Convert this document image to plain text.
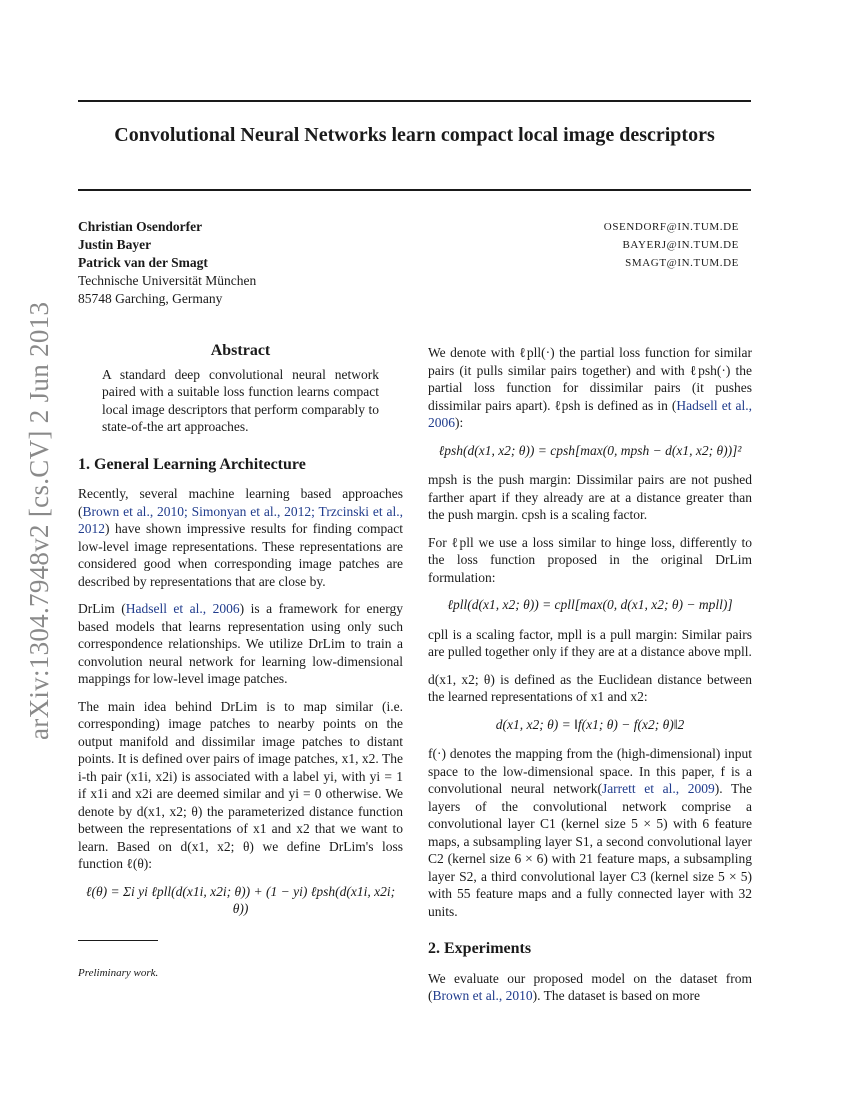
Convolutional Neural Networks learn compact local image descriptors
Christian Osendorfer	OSENDORF@IN.TUM.DE
Justin Bayer	BAYERJ@IN.TUM.DE
Patrick van der Smagt	SMAGT@IN.TUM.DE
Technische Universität München
85748 Garching, Germany
arXiv:1304.7948v2 [cs.CV] 2 Jun 2013	Abstract
A standard deep convolutional neural network paired with a suitable loss function learns compact local image descriptors that perform comparably to state-of-the art approaches.
1. General Learning Architecture

Recently, several machine learning based approaches (Brown et al., 2010; Simonyan et al., 2012; Trzcinski et al., 2012) have shown impressive results for finding compact low-level image representations. These representations are considered good when corresponding image patches are described by representations that are close by.

DrLim (Hadsell et al., 2006) is a framework for energy based models that learns representation using only such correspondence relationships. We utilize DrLim to train a convolution neural network for learning low-dimensional mappings for low-level image patches.

The main idea behind DrLim is to map similar (i.e. corresponding) image patches to nearby points on the output manifold and dissimilar image patches to distant points. It is defined over pairs of image patches, x1, x2. The i-th pair (x1i, x2i) is associated with a label yi, with yi = 1 if x1i and x2i are deemed similar and yi = 0 otherwise. We denote by d(x1, x2; θ) the parameterized distance function between the representations of x1 and x2 that we want to learn. Based on d(x1, x2; θ) we define DrLim's loss function ℓ(θ):

ℓ(θ) = Σi yi ℓpll(d(x1i, x2i; θ)) + (1 − yi) ℓpsh(d(x1i, x2i; θ))
Preliminary work.

We denote with ℓpll(·) the partial loss function for similar pairs (it pulls similar pairs together) and with ℓpsh(·) the partial loss function for dissimilar pairs (it pushes dissimilar pairs apart). ℓpsh is defined as in (Hadsell et al., 2006):

ℓpsh(d(x1, x2; θ)) = cpsh[max(0, mpsh − d(x1, x2; θ))]²

mpsh is the push margin: Dissimilar pairs are not pushed farther apart if they already are at a distance greater than the push margin. cpsh is a scaling factor.

For ℓpll we use a loss similar to hinge loss, differently to the loss function proposed in the original DrLim formulation:

ℓpll(d(x1, x2; θ)) = cpll[max(0, d(x1, x2; θ) − mpll)]

cpll is a scaling factor, mpll is a pull margin: Similar pairs are pulled together only if they are at a distance above mpll.

d(x1, x2; θ) is defined as the Euclidean distance between the learned representations of x1 and x2:

d(x1, x2; θ) = ‖f(x1; θ) − f(x2; θ)‖2

f(·) denotes the mapping from the (high-dimensional) input space to the low-dimensional space. In this paper, f is a convolutional neural network(Jarrett et al., 2009). The layers of the convolutional network comprise a convolutional layer C1 (kernel size 5 × 5) with 6 feature maps, a subsampling layer S1, a second convolutional layer C2 (kernel size 6 × 6) with 21 feature maps, a subsampling layer S2, a third convolutional layer C3 (kernel size 5 × 5) with 55 feature maps and a fully connected layer with 32 units.

2. Experiments

We evaluate our proposed model on the dataset from (Brown et al., 2010). The dataset is based on more
